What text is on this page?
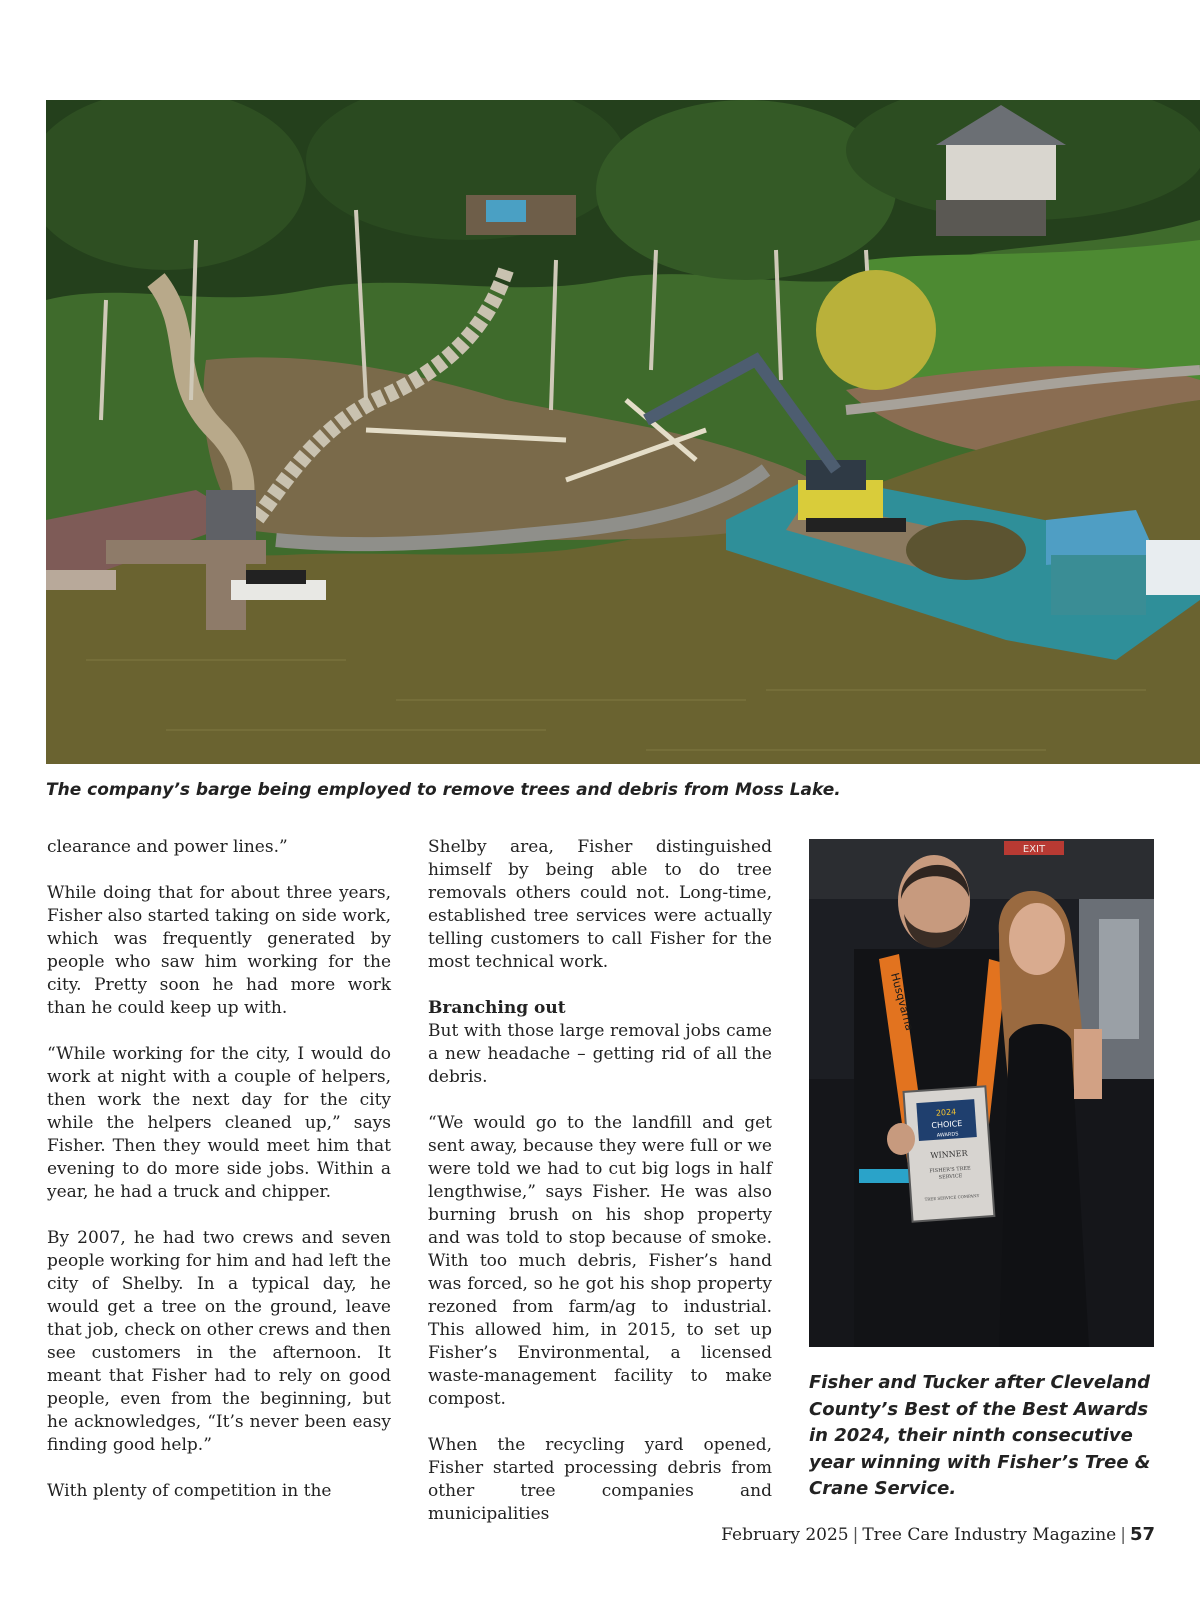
The company’s barge being employed to remove trees and debris from Moss Lake.

clearance and power lines.”

While doing that for about three years, Fisher also started taking on side work, which was frequently generated by people who saw him working for the city. Pretty soon he had more work than he could keep up with.

“While working for the city, I would do work at night with a couple of helpers, then work the next day for the city while the helpers cleaned up,” says Fisher. Then they would meet him that evening to do more side jobs. Within a year, he had a truck and chipper.

By 2007, he had two crews and seven people working for him and had left the city of Shelby. In a typical day, he would get a tree on the ground, leave that job, check on other crews and then see customers in the afternoon. It meant that Fisher had to rely on good people, even from the beginning, but he acknowledges, “It’s never been easy finding good help.”

With plenty of competition in the

Shelby area, Fisher distinguished himself by being able to do tree removals others could not. Long-time, established tree services were actually telling customers to call Fisher for the most technical work.

Branching out

But with those large removal jobs came a new headache – getting rid of all the debris.

“We would go to the landfill and get sent away, because they were full or we were told we had to cut big logs in half lengthwise,” says Fisher. He was also burning brush on his shop property and was told to stop because of smoke. With too much debris, Fisher’s hand was forced, so he got his shop property rezoned from farm/ag to industrial. This allowed him, in 2015, to set up Fisher’s Environmental, a licensed waste-management facility to make compost.

When the recycling yard opened, Fisher started processing debris from other tree companies and municipalities

EXIT
Husqvarna
2024
CHOICE
AWARDS
WINNER
FISHER'S TREE
SERVICE
TREE SERVICE COMPANY

Fisher and Tucker after Cleveland County’s Best of the Best Awards in 2024, their ninth consecutive year winning with Fisher’s Tree & Crane Service.

February 2025 | Tree Care Industry Magazine | 57
